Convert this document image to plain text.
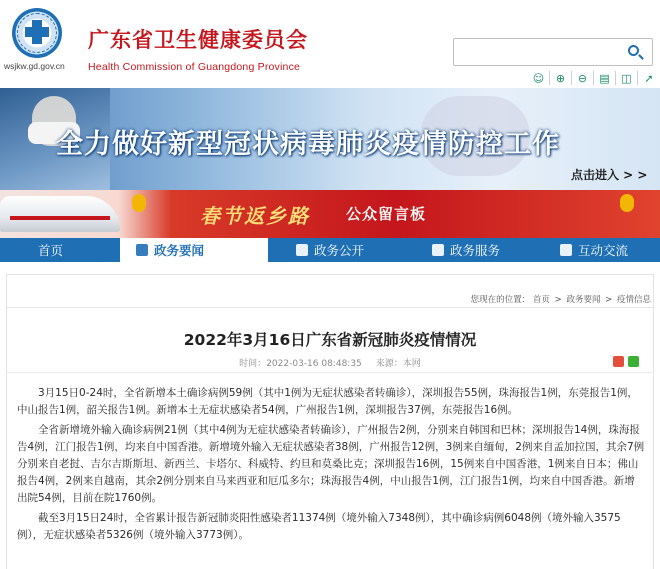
wsjkw.gd.gov.cn
广东省卫生健康委员会
Health Commission of Guangdong Province
☺	⊕	⊖	▤	◫	➚
全力做好新型冠状病毒肺炎疫情防控工作
点击进入 > >
春节返乡路 公众留言板
首页	政务要闻	政务公开	政务服务	互动交流
您现在的位置： 首页 > 政务要闻 > 疫情信息
2022年3月16日广东省新冠肺炎疫情情况
时间：2022-03-16 08:48:35 来源：本网

3月15日0-24时，全省新增本土确诊病例59例（其中1例为无症状感染者转确诊），深圳报告55例，珠海报告1例，东莞报告1例，中山报告1例，韶关报告1例。新增本土无症状感染者54例，广州报告1例，深圳报告37例，东莞报告16例。

全省新增境外输入确诊病例21例（其中4例为无症状感染者转确诊），广州报告2例，分别来自韩国和巴林；深圳报告14例，珠海报告4例，江门报告1例，均来自中国香港。新增境外输入无症状感染者38例，广州报告12例，3例来自缅甸，2例来自孟加拉国，其余7例分别来自老挝、吉尔吉斯斯坦、新西兰、卡塔尔、科威特、约旦和莫桑比克；深圳报告16例，15例来自中国香港，1例来自日本；佛山报告4例，2例来自越南，其余2例分别来自马来西亚和厄瓜多尔；珠海报告4例，中山报告1例，江门报告1例，均来自中国香港。新增出院54例，目前在院1760例。

截至3月15日24时，全省累计报告新冠肺炎阳性感染者11374例（境外输入7348例），其中确诊病例6048例（境外输入3575例），无症状感染者5326例（境外输入3773例）。
